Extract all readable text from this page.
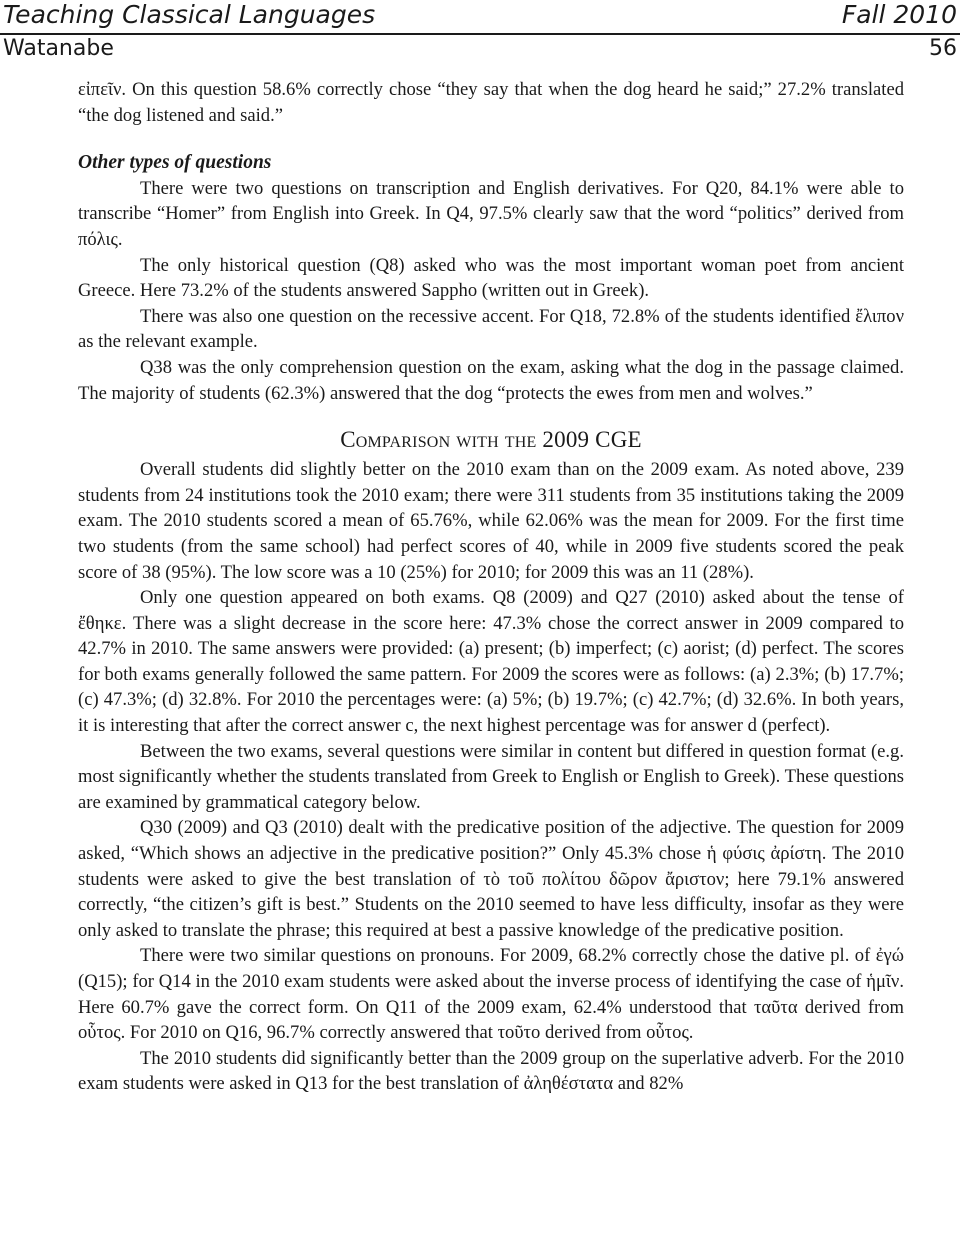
Teaching Classical Languages	Fall 2010
Watanabe	56

εἰπεῖν. On this question 58.6% correctly chose “they say that when the dog heard he said;” 27.2% translated “the dog listened and said.”

Other types of questions

There were two questions on transcription and English derivatives. For Q20, 84.1% were able to transcribe “Homer” from English into Greek. In Q4, 97.5% clearly saw that the word “politics” derived from πόλις.

The only historical question (Q8) asked who was the most important woman poet from ancient Greece. Here 73.2% of the students answered Sappho (written out in Greek).

There was also one question on the recessive accent. For Q18, 72.8% of the students identified ἔλιπον as the relevant example.

Q38 was the only comprehension question on the exam, asking what the dog in the passage claimed. The majority of students (62.3%) answered that the dog “protects the ewes from men and wolves.”

Comparison with the 2009 CGE

Overall students did slightly better on the 2010 exam than on the 2009 exam. As noted above, 239 students from 24 institutions took the 2010 exam; there were 311 students from 35 institutions taking the 2009 exam. The 2010 students scored a mean of 65.76%, while 62.06% was the mean for 2009. For the first time two students (from the same school) had perfect scores of 40, while in 2009 five students scored the peak score of 38 (95%). The low score was a 10 (25%) for 2010; for 2009 this was an 11 (28%).

Only one question appeared on both exams. Q8 (2009) and Q27 (2010) asked about the tense of ἔθηκε. There was a slight decrease in the score here: 47.3% chose the correct answer in 2009 compared to 42.7% in 2010. The same answers were provided: (a) present; (b) imperfect; (c) aorist; (d) perfect. The scores for both exams generally followed the same pattern. For 2009 the scores were as follows: (a) 2.3%; (b) 17.7%; (c) 47.3%; (d) 32.8%. For 2010 the percentages were: (a) 5%; (b) 19.7%; (c) 42.7%; (d) 32.6%. In both years, it is interesting that after the correct answer c, the next highest percentage was for answer d (perfect).

Between the two exams, several questions were similar in content but differed in question format (e.g. most significantly whether the students translated from Greek to English or English to Greek). These questions are examined by grammatical category below.

Q30 (2009) and Q3 (2010) dealt with the predicative position of the adjective. The question for 2009 asked, “Which shows an adjective in the predicative position?” Only 45.3% chose ἡ φύσις ἀρίστη. The 2010 students were asked to give the best translation of τὸ τοῦ πολίτου δῶρον ἄριστον; here 79.1% answered correctly, “the citizen’s gift is best.” Students on the 2010 seemed to have less difficulty, insofar as they were only asked to translate the phrase; this required at best a passive knowledge of the predicative position.

There were two similar questions on pronouns. For 2009, 68.2% correctly chose the dative pl. of ἐγώ (Q15); for Q14 in the 2010 exam students were asked about the inverse process of identifying the case of ἡμῖν. Here 60.7% gave the correct form. On Q11 of the 2009 exam, 62.4% understood that ταῦτα derived from οὗτος. For 2010 on Q16, 96.7% correctly answered that τοῦτο derived from οὗτος.

The 2010 students did significantly better than the 2009 group on the superlative adverb. For the 2010 exam students were asked in Q13 for the best translation of ἀληθέστατα and 82%
